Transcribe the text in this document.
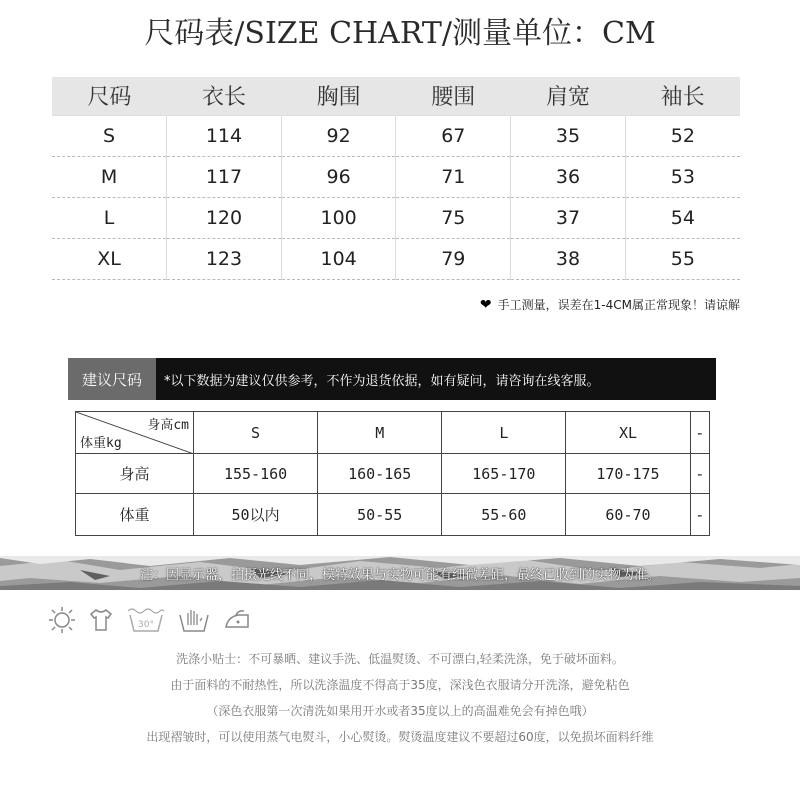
尺码表/SIZE CHART/测量单位：CM
尺码	衣长	胸围	腰围	肩宽	袖长
S	114	92	67	35	52
M	117	96	71	36	53
L	120	100	75	37	54
XL	123	104	79	38	55
❤ 手工测量，误差在1-4CM属正常现象！请谅解
建议尺码	*以下数据为建议仅供参考，不作为退货依据，如有疑问，请咨询在线客服。
身高cm
体重kg	S	M	L	XL	-
身高	155-160	160-165	165-170	170-175	-
体重	50以内	50-55	55-60	60-70	-
注：因显示器，拍摄光线不同，模特效果与实物可能有细微差距，最终已收到的实物为准。
30°

洗涤小贴士：不可暴晒、建议手洗、低温熨烫、不可漂白,轻柔洗涤，免于破坏面料。

由于面料的不耐热性，所以洗涤温度不得高于35度，深浅色衣服请分开洗涤，避免粘色

（深色衣服第一次清洗如果用开水或者35度以上的高温难免会有掉色哦）

出现褶皱时，可以使用蒸气电熨斗，小心熨烫。熨烫温度建议不要超过60度，以免损坏面料纤维
